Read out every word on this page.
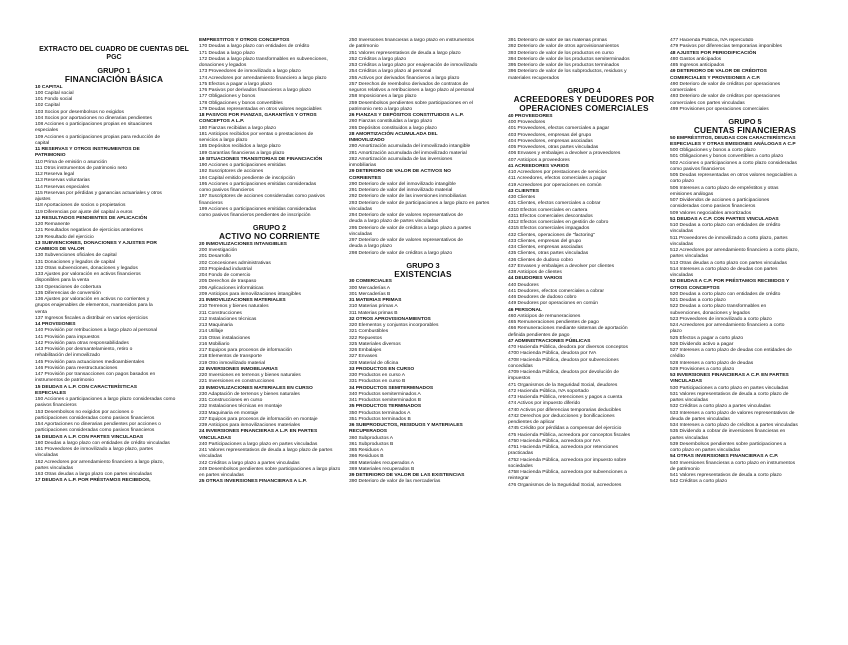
EXTRACTO DEL CUADRO DE CUENTAS DEL PGC
GRUPO 1
FINANCIACIÓN BÁSICA
10 CAPITAL
100 Capital social
101 Fondo social
102 Capital
103 Socios por desembolsos no exigidos
104 Socios por aportaciones no dinerarias pendientes
108 Acciones o participaciones propias en situaciones
especiales
109 Acciones o participaciones propias para reducción de
capital
11 RESERVAS Y OTROS INSTRUMENTOS DE
PATRIMONIO
110 Prima de emisión o asunción
111 Otros instrumentos de patrimonio neto
112 Reserva legal
113 Reservas voluntarias
114 Reservas especiales
115 Reservas por pérdidas y ganancias actuariales y otros
ajustes
118 Aportaciones de socios o propietarios
119 Diferencias por ajuste del capital a euros
12 RESULTADOS PENDIENTES DE APLICACIÓN
120 Remanente
121 Resultados negativos de ejercicios anteriores
129 Resultado del ejercicio
13 SUBVENCIONES, DONACIONES Y AJUSTES POR
CAMBIOS DE VALOR
130 Subvenciones oficiales de capital
131 Donaciones y legados de capital
132 Otras subvenciones, donaciones y legados
133 Ajustes por valoración en activos financieros
disponibles para la venta
134 Operaciones de cobertura
135 Diferencias de conversión
136 Ajustes por valoración en activos no corrientes y
grupos enajenables de elementos, mantenidos para la
venta
137 Ingresos fiscales a distribuir en varios ejercicios
14 PROVISIONES
140 Provisión por retribuciones a largo plazo al personal
141 Provisión para impuestos
142 Provisión para otras responsabilidades
143 Provisión por desmantelamiento, retiro o
rehabilitación del inmovilizado
145 Provisión para actuaciones medioambientales
146 Provisión para reestructuraciones
147 Provisión por transacciones con pagos basados en
instrumentos de patrimonio
15 DEUDAS A L.P. CON CARACTERÍSTICAS
ESPECIALES
150 Acciones o participaciones a largo plazo consideradas como
pasivos financieros
153 Desembolsos no exigidos por acciones o
participaciones consideradas como pasivos financieros
154 Aportaciones no dinerarias pendientes por acciones o
participaciones consideradas como pasivos financieros
16 DEUDAS A L.P. CON PARTES VINCULADAS
160 Deudas a largo plazo con entidades de crédito vinculadas
161 Proveedores de inmovilizado a largo plazo, partes
vinculadas
162 Acreedores por arrendamiento financiero a largo plazo,
partes vinculadas
163 Otras deudas a largo plazo con partes vinculadas
17 DEUDAS A L.P. POR PRÉSTAMOS RECIBIDOS,
EMPRÉSTITOS Y OTROS CONCEPTOS
170 Deudas a largo plazo con entidades de crédito
171 Deudas a largo plazo
172 Deudas a largo plazo transformables en subvenciones,
donaciones y legados
173 Proveedores de inmovilizado a largo plazo
174 Acreedores por arrendamiento financiero a largo plazo
175 Efectos a pagar a largo plazo
176 Pasivos por derivados financieros a largo plazo
177 Obligaciones y bonos
178 Obligaciones y bonos convertibles
179 Deudas representadas en otros valores negociables
18 PASIVOS POR FIANZAS, GARANTÍAS Y OTROS
CONCEPTOS A L.P.
180 Fianzas recibidas a largo plazo
181 Anticipos recibidos por ventas o prestaciones de
servicios a largo plazo
185 Depósitos recibidos a largo plazo
189 Garantías financieras a largo plazo
19 SITUACIONES TRANSITORIAS DE FINANCIACIÓN
190 Acciones o participaciones emitidas
192 Suscriptores de acciones
194 Capital emitido pendiente de inscripción
195 Acciones o participaciones emitidas consideradas
como pasivos financieros
197 Suscriptores de acciones consideradas como pasivos
financieros
199 Acciones o participaciones emitidas consideradas
como pasivos financieros pendientes de inscripción
GRUPO 2
ACTIVO NO CORRIENTE
20 INMOVILIZACIONES INTANGIBLES
200 Investigación
201 Desarrollo
202 Concesiones administrativas
203 Propiedad industrial
204 Fondo de comercio
205 Derechos de traspaso
206 Aplicaciones informáticas
209 Anticipos para inmovilizaciones intangibles
21 INMOVILIZACIONES MATERIALES
210 Terrenos y bienes naturales
211 Construcciones
212 Instalaciones técnicas
213 Maquinaria
214 Utillaje
215 Otras instalaciones
216 Mobiliario
217 Equipos para procesos de información
218 Elementos de transporte
219 Otro inmovilizado material
22 INVERSIONES INMOBILIARIAS
220 Inversiones en terrenos y bienes naturales
221 Inversiones en construcciones
23 INMOVILIZACIONES MATERIALES EN CURSO
230 Adaptación de terrenos y bienes naturales
231 Construcciones en curso
232 Instalaciones técnicas en montaje
233 Maquinaria en montaje
237 Equipos para procesos de información en montaje
239 Anticipos para inmovilizaciones materiales
24 INVERSIONES FINANCIERAS A L.P. EN PARTES
VINCULADAS
240 Participaciones a largo plazo en partes vinculadas
241 Valores representativos de deuda a largo plazo de partes
vinculadas
242 Créditos a largo plazo a partes vinculadas
249 Desembolsos pendientes sobre participaciones a largo plazo
en partes vinculadas
25 OTRAS INVERSIONES FINANCIERAS A L.P.
250 Inversiones financieras a largo plazo en instrumentos
de patrimonio
251 Valores representativos de deuda a largo plazo
252 Créditos a largo plazo
253 Créditos a largo plazo por enajenación de inmovilizado
254 Créditos a largo plazo al personal
255 Activos por derivados financieros a largo plazo
257 Derechos de reembolso derivados de contratos de
seguros relativos a retribuciones a largo plazo al personal
258 Imposiciones a largo plazo
259 Desembolsos pendientes sobre participaciones en el
patrimonio neto a largo plazo
26 FIANZAS Y DEPÓSITOS CONSTITUIDOS A L.P.
260 Fianzas constituidas a largo plazo
265 Depósitos constituidos a largo plazo
28 AMORTIZACIÓN ACUMULADA DEL
INMOVILIZADO
280 Amortización acumulada del inmovilizado intangible
281 Amortización acumulada del inmovilizado material
282 Amortización acumulada de las inversiones
inmobiliarias
29 DETERIORO DE VALOR DE ACTIVOS NO
CORRIENTES
290 Deterioro de valor del inmovilizado intangible
291 Deterioro de valor del inmovilizado material
292 Deterioro de valor de las inversiones inmobiliarias
293 Deterioro de valor de participaciones a largo plazo en partes
vinculadas
294 Deterioro de valor de valores representativos de
deuda a largo plazo de partes vinculadas
295 Deterioro de valor de créditos a largo plazo a partes
vinculadas
297 Deterioro de valor de valores representativos de
deuda a largo plazo
298 Deterioro de valor de créditos a largo plazo
GRUPO 3
EXISTENCIAS
30 COMERCIALES
300 Mercaderías A
301 Mercaderías B
31 MATERIAS PRIMAS
310 Materias primas A
311 Materias primas B
32 OTROS APROVISIONAMIENTOS
320 Elementos y conjuntos incorporables
321 Combustibles
322 Repuestos
325 Materiales diversos
326 Embalajes
327 Envases
328 Material de oficina
33 PRODUCTOS EN CURSO
330 Productos en curso A
331 Productos en curso B
34 PRODUCTOS SEMITERMINADOS
340 Productos semiterminados A
341 Productos semiterminados B
35 PRODUCTOS TERMINADOS
350 Productos terminados A
351 Productos terminados B
36 SUBPRODUCTOS, RESIDUOS Y MATERIALES
RECUPERADOS
360 Subproductos A
361 Subproductos B
365 Residuos A
366 Residuos B
368 Materiales recuperados A
369 Materiales recuperados B
39 DETERIORO DE VALOR DE LAS EXISTENCIAS
390 Deterioro de valor de las mercaderías
391 Deterioro de valor de las materias primas
392 Deterioro de valor de otros aprovisionamientos
393 Deterioro de valor de los productos en curso
394 Deterioro de valor de los productos semiterminados
395 Deterioro de valor de los productos terminados
396 Deterioro de valor de los subproductos, residuos y
materiales recuperados
GRUPO 4
ACREEDORES Y DEUDORES POR OPERACIONES COMERCIALES
40 PROVEEDORES
400 Proveedores
401 Proveedores, efectos comerciales a pagar
403 Proveedores, empresas del grupo
404 Proveedores, empresas asociadas
405 Proveedores, otras partes vinculadas
406 Envases y embalajes a devolver a proveedores
407 Anticipos a proveedores
41 ACREEDORES VARIOS
410 Acreedores por prestaciones de servicios
411 Acreedores, efectos comerciales a pagar
419 Acreedores por operaciones en común
43 CLIENTES
430 Clientes
431 Clientes, efectos comerciales a cobrar
4310 Efectos comerciales en cartera
4311 Efectos comerciales descontados
4312 Efectos comerciales en gestión de cobro
4315 Efectos comerciales impagados
432 Clientes, operaciones de "factoring"
433 Clientes, empresas del grupo
434 Clientes, empresas asociadas
435 Clientes, otras partes vinculadas
436 Clientes de dudoso cobro
437 Envases y embalajes a devolver por clientes
438 Anticipos de clientes
44 DEUDORES VARIOS
440 Deudores
441 Deudores, efectos comerciales a cobrar
446 Deudores de dudoso cobro
449 Deudores por operaciones en común
46 PERSONAL
460 Anticipos de remuneraciones
465 Remuneraciones pendientes de pago
466 Remuneraciones mediante sistemas de aportación
definida pendientes de pago
47 ADMINISTRACIONES PÚBLICAS
470 Hacienda Pública, deudora por diversos conceptos
4700 Hacienda Pública, deudora por IVA
4708 Hacienda Pública, deudora por subvenciones
concedidas
4709 Hacienda Pública, deudora por devolución de
impuestos
471 Organismos de la Seguridad Social, deudores
472 Hacienda Pública, IVA soportado
473 Hacienda Pública, retenciones y pagos a cuenta
474 Activos por impuesto diferido
4740 Activos por diferencias temporarias deducibles
4742 Derechos por deducciones y bonificaciones
pendientes de aplicar
4745 Crédito por pérdidas a compensar del ejercicio
475 Hacienda Pública, acreedora por conceptos fiscales
4750 Hacienda Pública, acreedora por IVA
4751 Hacienda Pública, acreedora por retenciones
practicadas
4752 Hacienda Pública, acreedora por impuesto sobre
sociedades
4758 Hacienda Pública, acreedora por subvenciones a
reintegrar
476 Organismos de la Seguridad Social, acreedores
477 Hacienda Pública, IVA repercutido
479 Pasivos por diferencias temporarias imponibles
48 AJUSTES POR PERIODIFICACIÓN
480 Gastos anticipados
485 Ingresos anticipados
49 DETERIORO DE VALOR DE CRÉDITOS
COMERCIALES Y PROVISIONES A C.P.
490 Deterioro de valor de créditos por operaciones
comerciales
493 Deterioro de valor de créditos por operaciones
comerciales con partes vinculadas
499 Provisiones por operaciones comerciales
GRUPO 5
CUENTAS FINANCIERAS
50 EMPRÉSTITOS, DEUDAS CON CARACTERÍSTICAS
ESPECIALES Y OTRAS EMISIONES ANÁLOGAS A C.P
500 Obligaciones y bonos a corto plazo
501 Obligaciones y bonos convertibles a corto plazo
502 Acciones o participaciones a corto plazo consideradas
como pasivos financieros
505 Deudas representadas en otros valores negociables a
corto plazo
506 Intereses a corto plazo de empréstitos y otras
emisiones análogas
507 Dividendos de acciones o participaciones
consideradas como pasivos financieros
509 Valores negociables amortizados
51 DEUDAS A C.P. CON PARTES VINCULADAS
510 Deudas a corto plazo con entidades de crédito
vinculadas
511 Proveedores de inmovilizado a corto plazo, partes
vinculadas
512 Acreedores por arrendamiento financiero a corto plazo,
partes vinculadas
513 Otras deudas a corto plazo con partes vinculadas
514 Intereses a corto plazo de deudas con partes
vinculadas
52 DEUDAS A C.P. POR PRÉSTAMOS RECIBIDOS Y
OTROS CONCEPTOS
520 Deudas a corto plazo con entidades de crédito
521 Deudas a corto plazo
522 Deudas a corto plazo transformables en
subvenciones, donaciones y legados
523 Proveedores de inmovilizado a corto plazo
524 Acreedores por arrendamiento financiero a corto
plazo
525 Efectos a pagar a corto plazo
526 Dividendo activo a pagar
527 Intereses a corto plazo de deudas con entidades de
crédito
528 Intereses a corto plazo de deudas
529 Provisiones a corto plazo
53 INVERSIONES FINANCIERAS A C.P. EN PARTES
VINCULADAS
530 Participaciones a corto plazo en partes vinculadas
531 Valores representativos de deuda a corto plazo de
partes vinculadas
532 Créditos a corto plazo a partes vinculadas
533 Intereses a corto plazo de valores representativos de
deuda de partes vinculadas
534 Intereses a corto plazo de créditos a partes vinculadas
535 Dividendo a cobrar de inversiones financieras en
partes vinculadas
539 Desembolsos pendientes sobre participaciones a
corto plazo en partes vinculadas
54 OTRAS INVERSIONES FINANCIERAS A C.P.
540 Inversiones financieras a corto plazo en instrumentos
de patrimonio
541 Valores representativos de deuda a corto plazo
542 Créditos a corto plazo
